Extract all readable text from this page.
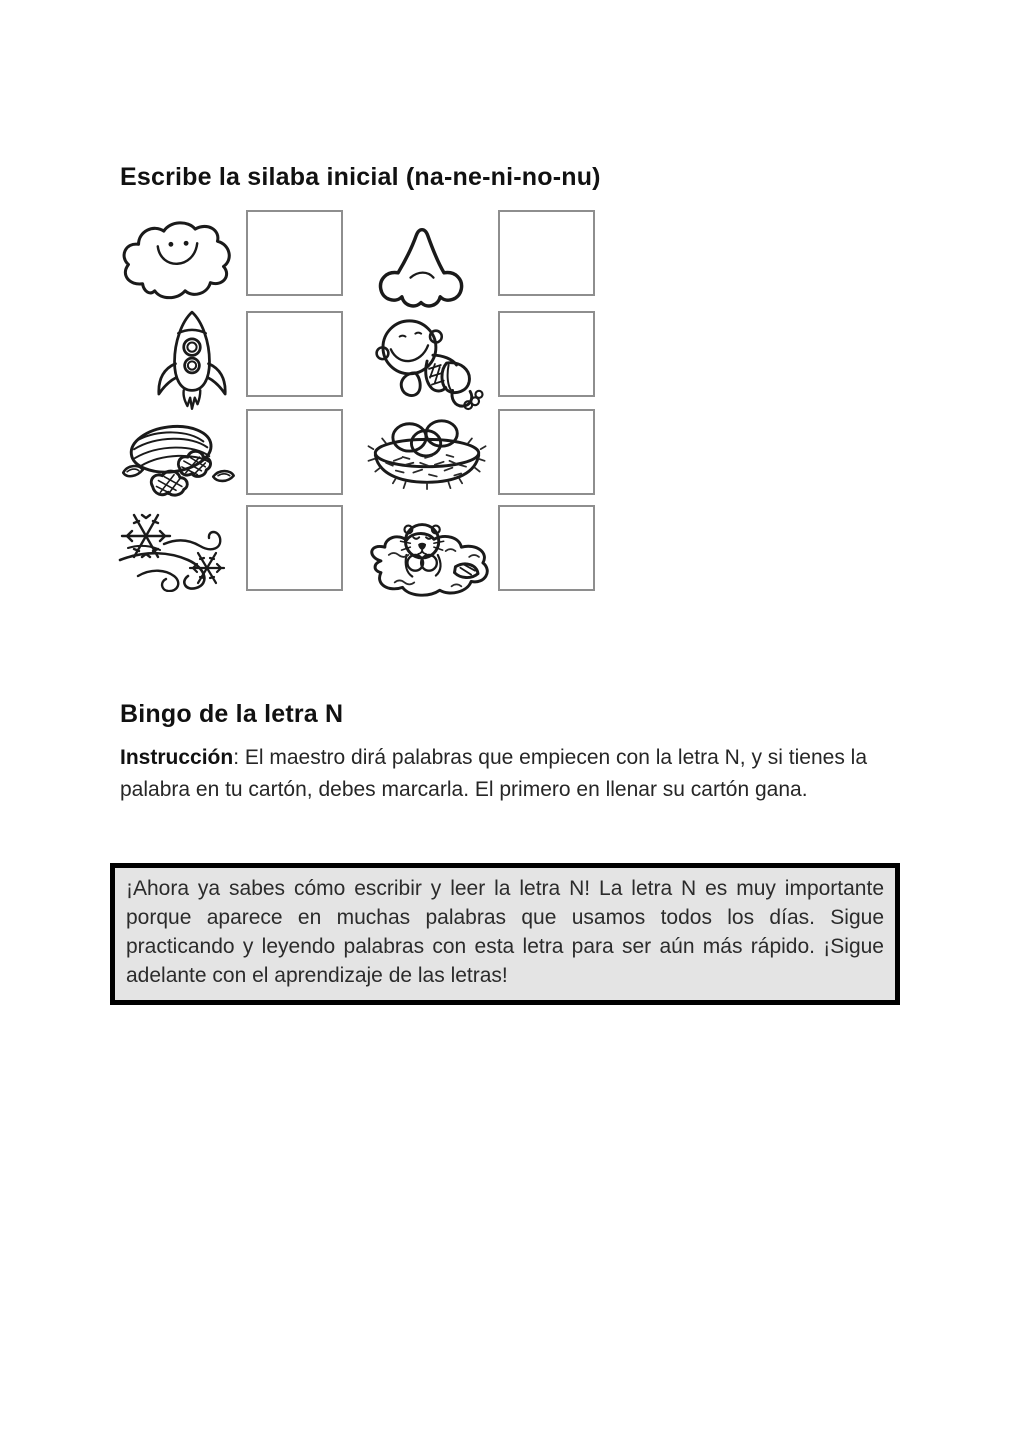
Escribe la silaba inicial (na-ne-ni-no-nu)
Bingo de la letra N

Instrucción: El maestro dirá palabras que empiecen con la letra N, y si tienes la palabra en tu cartón, debes marcarla. El primero en llenar su cartón gana.

¡Ahora ya sabes cómo escribir y leer la letra N! La letra N es muy importante porque aparece en muchas palabras que usamos todos los días. Sigue practicando y leyendo palabras con esta letra para ser aún más rápido. ¡Sigue adelante con el aprendizaje de las letras!
